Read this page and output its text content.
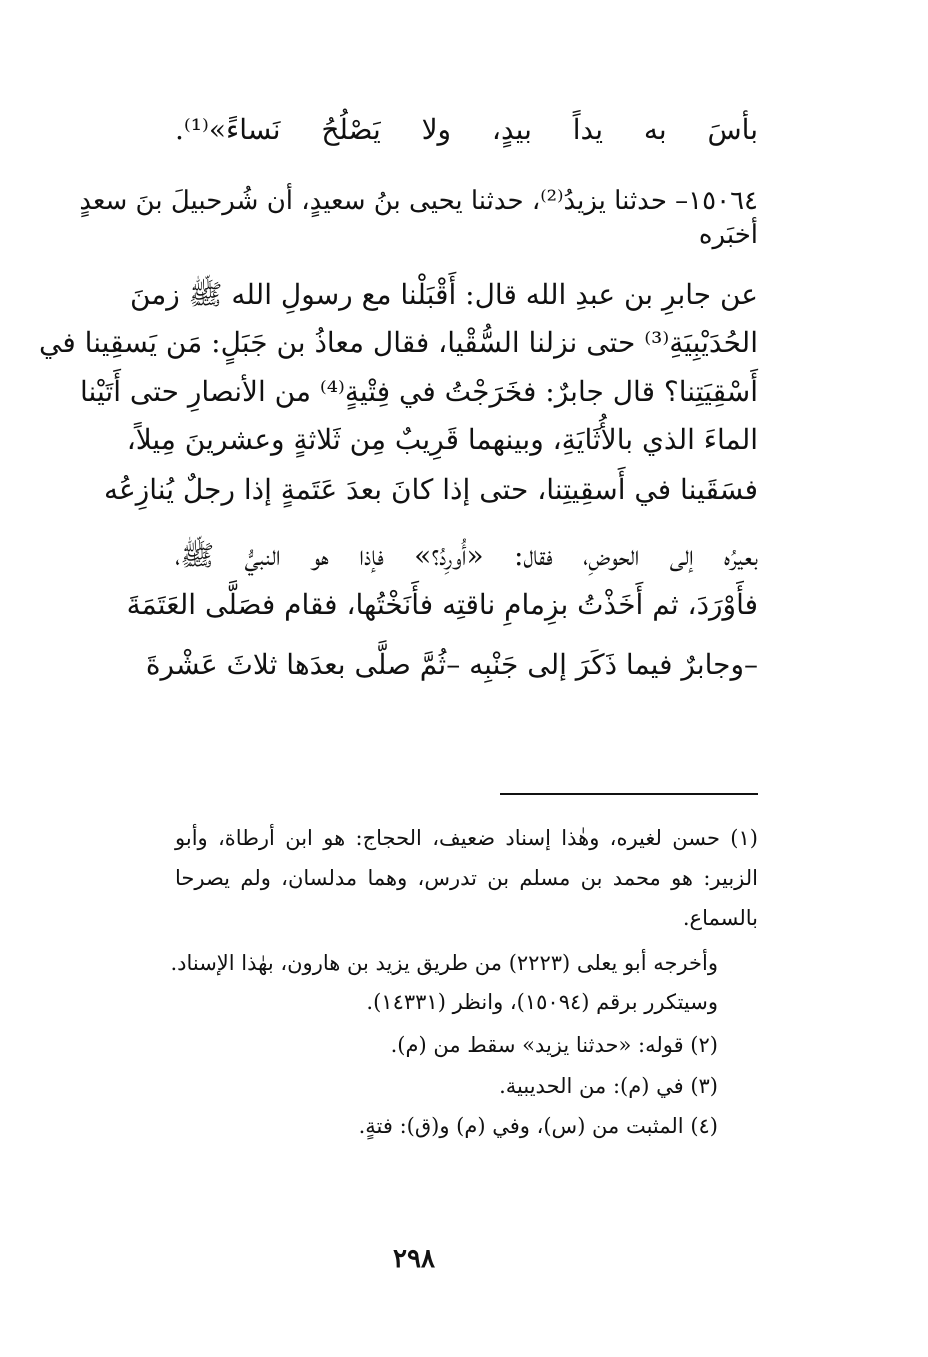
بأسَ به يداً بيدٍ، ولا يَصْلُحُ نَساءً»⁽¹⁾.
١٥٠٦٤– حدثنا يزيدُ⁽²⁾، حدثنا يحيى بنُ سعيدٍ، أن شُرحبيلَ بنَ سعدٍ
أخبَره
عن جابرِ بن عبدِ الله قال: أَقْبَلْنا مع رسولِ الله ﷺ زمنَ
الحُدَيْبِيَةِ⁽³⁾ حتى نزلنا السُّقْيا، فقال معاذُ بن جَبَلٍ: مَن يَسقِينا في
أَسْقِيَتِنا؟ قال جابرٌ: فخَرَجْتُ في فِتْيةٍ⁽⁴⁾ من الأنصارِ حتى أَتَيْنا
الماءَ الذي بالأُثَايَةِ، وبينهما قَرِيبٌ مِن ثَلاثةٍ وعشرينَ مِيلاً،
فسَقَينا في أَسقِيتِنا، حتى إذا كانَ بعدَ عَتَمةٍ إذا رجلٌ يُنازِعُه
بعيرُه إلى الحوضِ، فقال: «أُورِدُ؟» فإذا هو النبيُّ ﷺ،
فأَوْرَدَ، ثم أَخَذْتُ بزِمامِ ناقتِه فأَنَخْتُها، فقام فصَلَّى العَتَمَةَ
–وجابرٌ فيما ذَكَرَ إلى جَنْبِه –ثُمَّ صلَّى بعدَها ثلاثَ عَشْرةَ
(١) حسن لغيره، وهٰذا إسناد ضعيف، الحجاج: هو ابن أرطاة، وأبو
الزبير: هو محمد بن مسلم بن تدرس، وهما مدلسان، ولم يصرحا
بالسماع.
وأخرجه أبو يعلى (٢٢٢٣) من طريق يزيد بن هارون، بهٰذا الإسناد.
وسيتكرر برقم (١٥٠٩٤)، وانظر (١٤٣٣١).
(٢) قوله: «حدثنا يزيد» سقط من (م).
(٣) في (م): من الحديبية.
(٤) المثبت من (س)، وفي (م) و(ق): فتةٍ.
٢٩٨
